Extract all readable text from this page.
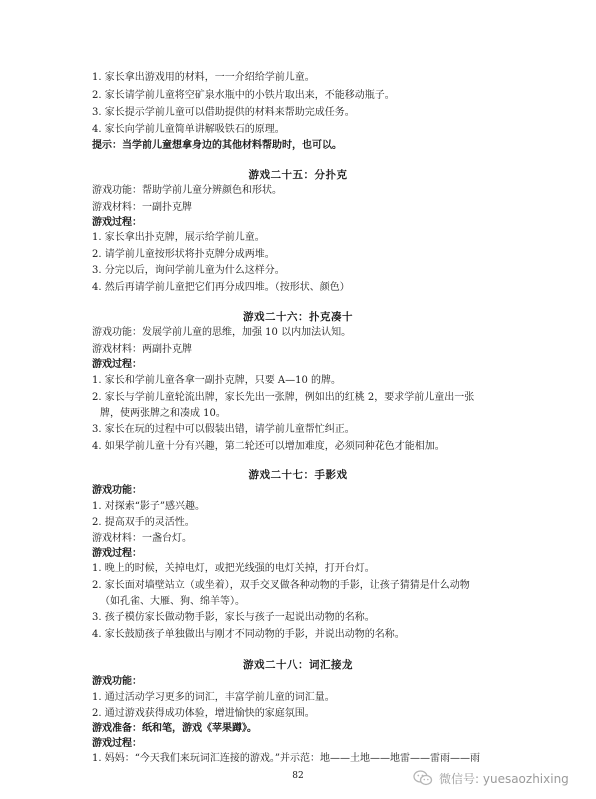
1. 家长拿出游戏用的材料，一一介绍给学前儿童。
2. 家长请学前儿童将空矿泉水瓶中的小铁片取出来，不能移动瓶子。
3. 家长提示学前儿童可以借助提供的材料来帮助完成任务。
4. 家长向学前儿童简单讲解吸铁石的原理。
提示：当学前儿童想拿身边的其他材料帮助时，也可以。
游戏二十五：分扑克
游戏功能：帮助学前儿童分辨颜色和形状。
游戏材料：一副扑克牌
游戏过程：
1. 家长拿出扑克牌，展示给学前儿童。
2. 请学前儿童按形状将扑克牌分成两堆。
3. 分完以后，询问学前儿童为什么这样分。
4. 然后再请学前儿童把它们再分成四堆。（按形状、颜色）
游戏二十六：扑克凑十
游戏功能：发展学前儿童的思维，加强 10 以内加法认知。
游戏材料：两副扑克牌
游戏过程：
1. 家长和学前儿童各拿一副扑克牌，只要 A—10 的牌。
2. 家长与学前儿童轮流出牌，家长先出一张牌，例如出的红桃 2，要求学前儿童出一张
牌，使两张牌之和凑成 10。
3. 家长在玩的过程中可以假装出错，请学前儿童帮忙纠正。
4. 如果学前儿童十分有兴趣，第二轮还可以增加难度，必须同种花色才能相加。
游戏二十七：手影戏
游戏功能：
1. 对探索“影子”感兴趣。
2. 提高双手的灵活性。
游戏材料：一盏台灯。
游戏过程：
1. 晚上的时候，关掉电灯，或把光线强的电灯关掉，打开台灯。
2. 家长面对墙壁站立（或坐着），双手交叉做各种动物的手影，让孩子猜猜是什么动物
（如孔雀、大雁、狗、绵羊等）。
3. 孩子模仿家长做动物手影，家长与孩子一起说出动物的名称。
4. 家长鼓励孩子单独做出与刚才不同动物的手影，并说出动物的名称。
游戏二十八：词汇接龙
游戏功能：
1. 通过活动学习更多的词汇，丰富学前儿童的词汇量。
2. 通过游戏获得成功体验，增进愉快的家庭氛围。
游戏准备：纸和笔，游戏《苹果蹲》。
游戏过程：
1. 妈妈：“今天我们来玩词汇连接的游戏。”并示范：地——土地——地雷——雷雨——雨
82	微信号: yuesaozhixing
